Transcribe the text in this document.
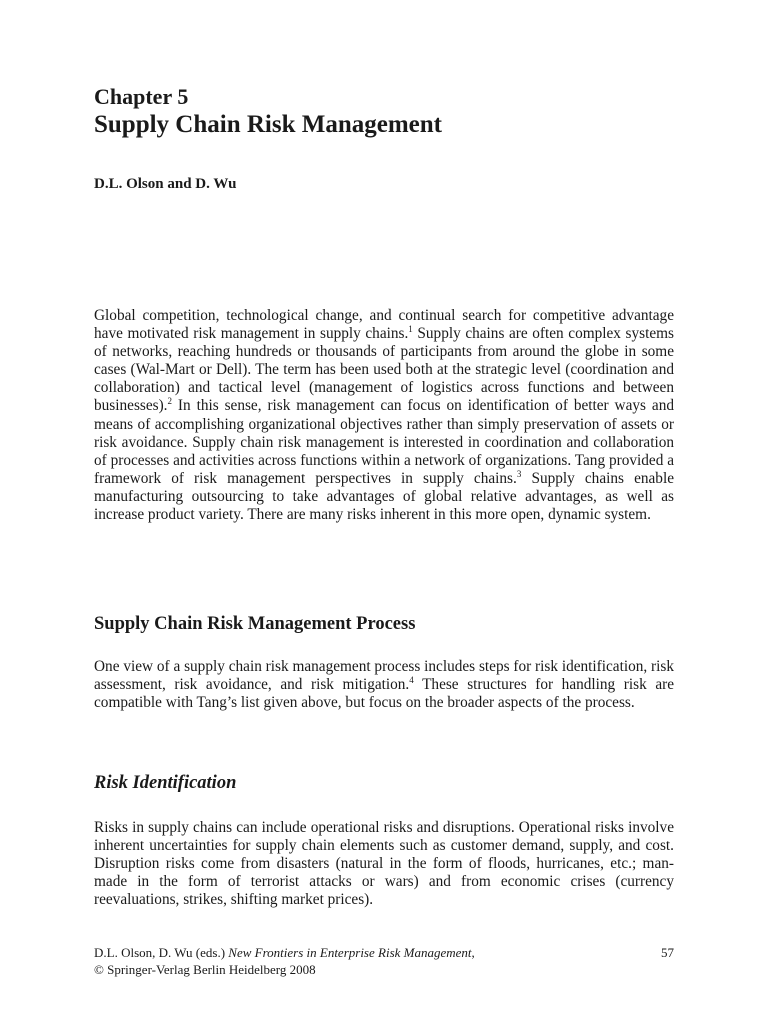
Chapter 5
Supply Chain Risk Management
D.L. Olson and D. Wu

Global competition, technological change, and continual search for competitive advantage have motivated risk management in supply chains.$^1$ Supply chains are often complex systems of networks, reaching hundreds or thousands of participants from around the globe in some cases (Wal-Mart or Dell). The term has been used both at the strategic level (coordination and collaboration) and tactical level (management of logistics across functions and between businesses).$^2$ In this sense, risk management can focus on identification of better ways and means of accomplishing organizational objectives rather than simply preservation of assets or risk avoidance. Supply chain risk management is interested in coordination and collaboration of processes and activities across functions within a network of organizations. Tang provided a framework of risk management perspectives in supply chains.$^3$ Supply chains enable manufacturing outsourcing to take advantages of global relative advantages, as well as increase product variety. There are many risks inherent in this more open, dynamic system.

Supply Chain Risk Management Process

One view of a supply chain risk management process includes steps for risk identification, risk assessment, risk avoidance, and risk mitigation.$^4$ These structures for handling risk are compatible with Tang’s list given above, but focus on the broader aspects of the process.

Risk Identification

Risks in supply chains can include operational risks and disruptions. Operational risks involve inherent uncertainties for supply chain elements such as customer demand, supply, and cost. Disruption risks come from disasters (natural in the form of floods, hurricanes, etc.; man-made in the form of terrorist attacks or wars) and from economic crises (currency reevaluations, strikes, shifting market prices).

D.L. Olson, D. Wu (eds.) New Frontiers in Enterprise Risk Management,
© Springer-Verlag Berlin Heidelberg 2008
57
